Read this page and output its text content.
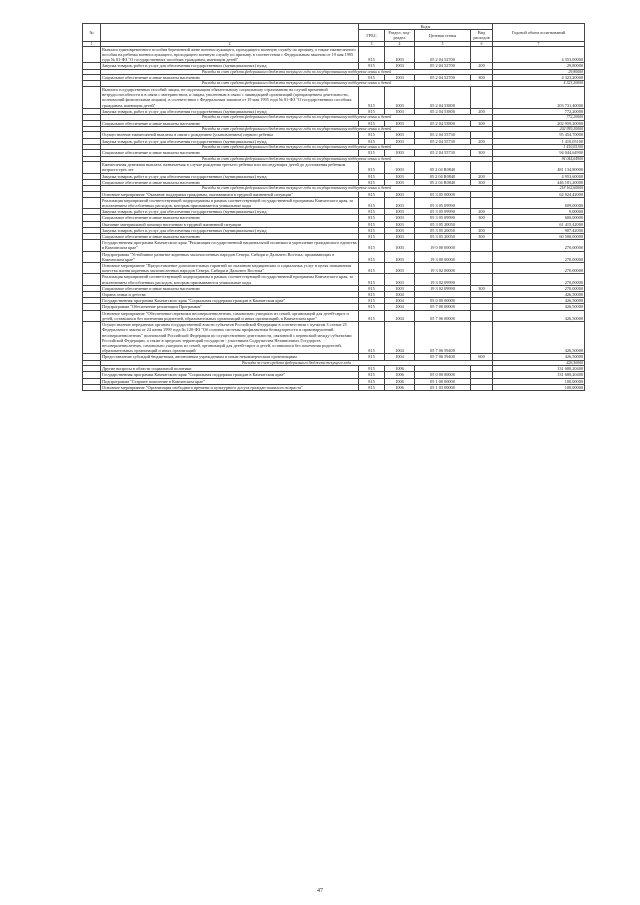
№		Коды				Годовой объем ассигнований
		ГРБС	Раздел, под-раздел	Целевая статья	Вид расходов	
1	2	3	4	5	6	7
	Выплата единовременного пособия беременной жене военнослужащего, проходящего военную службу по призыву, а также ежемесячного пособия на ребенка военнослужащего, проходящего военную службу по призыву, в соответствии с Федеральным законом от 19 мая 1995 года № 81-ФЗ "О государственных пособиях гражданам, имеющим детей"	815	1003	05 2 04 52700		4 353,00000
	Закупка товаров, работ и услуг для обеспечения государственных (муниципальных) нужд	815	1003	05 2 04 52700	200	29,80000
	Расходы за счет средств федерального бюджета текущего года по государственному поддержке семьи и детей					29,80000
	Социальное обеспечение и иные выплаты населению	815	1003	05 2 04 52700	300	4 323,20000
	Расходы за счет средств федерального бюджета текущего года по государственному поддержке семьи и детей					4 323,20000
	Выплата государственных пособий лицам, не подлежащим обязательному социальному страхованию на случай временной нетрудоспособности и в связи с материнством, и лицам, уволенным в связи с ликвидацией организаций (прекращением деятельности, полномочий физическими лицами), в соответствии с Федеральным законом от 19 мая 1995 года № 81-ФЗ "О государственных пособиях гражданам, имеющим детей"	815	1003	05 2 04 53800		203 731,40000
	Закупка товаров, работ и услуг для обеспечения государственных (муниципальных) нужд	815	1003	05 2 04 53800	200	772,20000
	Расходы за счет средств федерального бюджета текущего года по государственному поддержке семьи и детей					772,20000
	Социальное обеспечение и иные выплаты населению	815	1003	05 2 04 53800	300	202 959,20000
	Расходы за счет средств федерального бюджета текущего года по государственному поддержке семьи и детей					202 959,20000
	Осуществление ежемесячной выплаты в связи с рождением (усыновлением) первого ребенка	815	1003	05 2 04 55730		95 454,70000
	Закупка товаров, работ и услуг для обеспечения государственных (муниципальных) нужд	815	1003	05 2 04 55730	200	1 410,05100
	Расходы за счет средств федерального бюджета текущего года по государственному поддержке семьи и детей					1 410,05100
	Социальное обеспечение и иные выплаты населению	815	1003	05 2 04 55730	300	94 044,64900
	Расходы за счет средств федерального бюджета текущего года по государственному поддержке семьи и детей					94 044,64900
	Ежемесячная денежная выплата, назначаемая в случае рождения третьего ребенка или последующих детей до достижения ребенком возраста трех лет	815	1003	05 2 04 R0840		481 134,80000
	Закупка товаров, работ и услуг для обеспечения государственных (муниципальных) нужд	815	1003	05 2 04 R0840	200	4 953,60000
	Социальное обеспечение и иные выплаты населению	815	1003	05 2 04 R0840	300	446 181,20000
	Расходы за счет средств федерального бюджета текущего года по государственному поддержке семьи и детей					218 162,60000
	Основное мероприятие "Оказание поддержки гражданам, оказавшимся в трудной жизненной ситуации"	815	1003	05 3 05 00000		62 024,42000
	Реализация мероприятий соответствующей подпрограммы в рамках соответствующей государственной программы Камчатского края, за исключением обособленных расходов, которым присваиваются уникальные коды	815	1003	05 3 05 09990		609,00000
	Закупка товаров, работ и услуг для обеспечения государственных (муниципальных) нужд	815	1003	05 3 05 09990	200	9,00000
	Социальное обеспечение и иные выплаты населению	815	1003	05 3 05 09990	300	600,00000
	Оказание материальной помощи населению в трудной жизненной ситуации	815	1003	05 3 05 20050		61 415,42000
	Закупка товаров, работ и услуг для обеспечения государственных (муниципальных) нужд	815	1003	05 3 05 20050	200	907,42000
	Социальное обеспечение и иные выплаты населению	815	1003	05 3 05 20050	300	60 508,00000
	Государственная программа Камчатского края "Реализация государственной национальной политики и укрепление гражданского единства в Камчатском крае"	815	1003	19 0 00 00000		270,00000
	Подпрограмма "Устойчивое развитие коренных малочисленных народов Севера, Сибири и Дальнего Востока, проживающих в Камчатском крае"	815	1003	19 3 00 00000		270,00000
	Основное мероприятие "Предоставление дополнительных гарантий по оказанию медицинских и социальных услуг в целях повышения качества жизни коренных малочисленных народов Севера, Сибири и Дальнего Востока"	815	1003	19 3 02 00000		270,00000
	Реализация мероприятий соответствующей подпрограммы в рамках соответствующей государственной программы Камчатского края, за исключением обособленных расходов, которым присваиваются уникальные коды	815	1003	19 3 02 09990		270,00000
	Социальное обеспечение и иные выплаты населению	815	1003	19 3 02 09990	300	270,00000
	Охрана семьи и детства	815	1004			426,50000
	Государственная программа Камчатского края "Социальная поддержка граждан в Камчатском крае"	815	1004	05 0 00 00000		426,50000
	Подпрограмма "Обеспечение реализации Программы"	815	1004	05 7 00 00000		426,50000
	Основное мероприятие "Обеспечение перевозки несовершеннолетних, самовольно ушедших из семей, организаций для детей-сирот и детей, оставшихся без попечения родителей, образовательных организаций и иных организаций, в Камчатском крае"	815	1004	05 7 06 00000		426,50000
	Осуществление переданных органам государственной власти субъектов Российской Федерации в соответствии с пунктом 3 статьи 25 Федерального закона от 24 июня 1999 года № 120-ФЗ "Об основах системы профилактики безнадзорности и правонарушений несовершеннолетних" полномочий Российской Федерации по осуществлению деятельности, связанной с перевозкой между субъектами Российской Федерации, а также в пределах территорий государств - участников Содружества Независимых Государств несовершеннолетних, самовольно ушедших из семей, организаций для детей-сирот и детей, оставшихся без попечения родителей, образовательных организаций и иных организаций	815	1004	05 7 06 59400		426,50000
	Предоставление субсидий бюджетным, автономным учреждениям и иным некоммерческим организациям	815	1004	05 7 06 59400	600	426,50000
	Расходы за счет средств федерального бюджета текущего года					426,50000
	Другие вопросы в области социальной политики	815	1006			131 680,20400
	Государственная программа Камчатского края "Социальная поддержка граждан в Камчатском крае"	815	1006	05 0 00 00000		131 680,20400
	Подпрограмма "Старшее поколение в Камчатском крае"	815	1006	05 1 00 00000		100,00000
	Основное мероприятие "Организация свободного времени и культурного досуга граждан пожилого возраста"	815	1006	05 1 03 00000		100,00000
47
